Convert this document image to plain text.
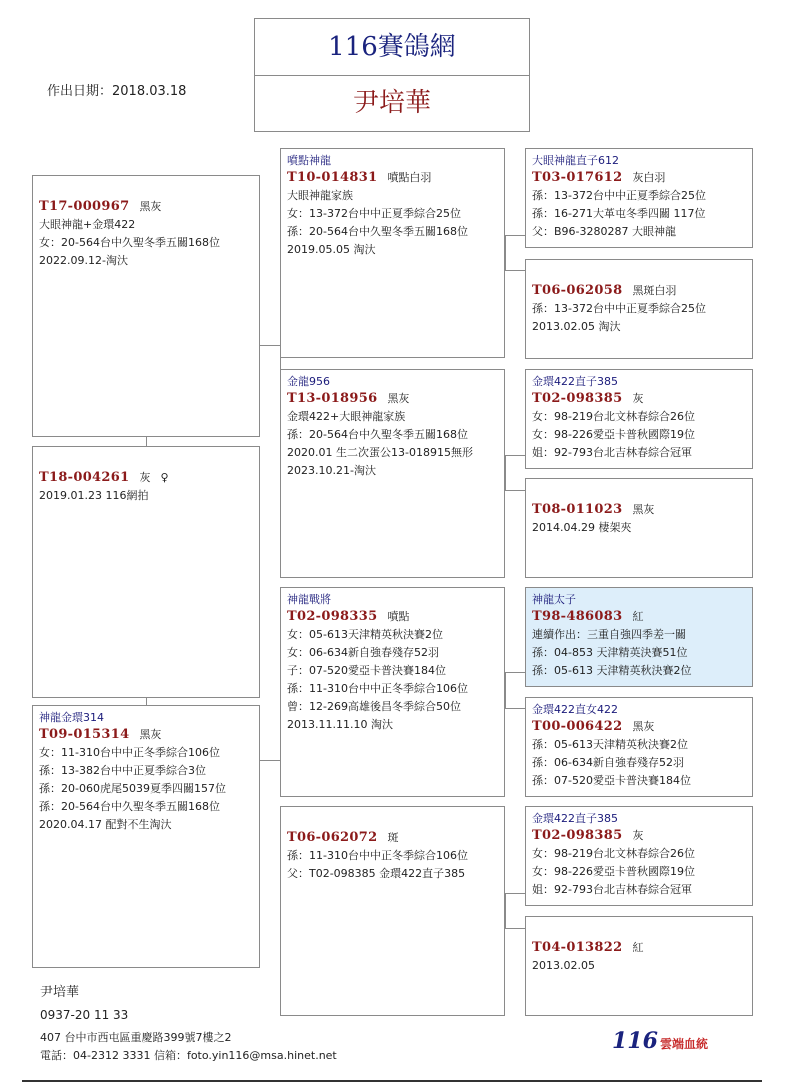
116賽鴿網
尹培華
作出日期：2018.03.18
T17-000967 黑灰
大眼神龍+金環422
女：20-564台中久聖冬季五關168位
2022.09.12-淘汏
T18-004261 灰 ♀
2019.01.23 116網拍
神龍金環314
T09-015314 黑灰
女：11-310台中中正冬季綜合106位
孫：13-382台中中正夏季綜合3位
孫：20-060虎尾5039夏季四關157位
孫：20-564台中久聖冬季五關168位
2020.04.17 配對不生淘汏
噴點神龍
T10-014831 噴點白羽
大眼神龍家族
女：13-372台中中正夏季綜合25位
孫：20-564台中久聖冬季五關168位
2019.05.05 淘汏
金龍956
T13-018956 黑灰
金環422+大眼神龍家族
孫：20-564台中久聖冬季五關168位
2020.01 生二次蛋公13-018915無形
2023.10.21-淘汏
神龍戰將
T02-098335 噴點
女：05-613天津精英秋決賽2位
女：06-634新自強春殘存52羽
子：07-520愛亞卡普決賽184位
孫：11-310台中中正冬季綜合106位
曾：12-269高雄後昌冬季綜合50位
2013.11.11.10 淘汏
T06-062072 斑
孫：11-310台中中正冬季綜合106位
父：T02-098385 金環422直子385
大眼神龍直子612
T03-017612 灰白羽
孫：13-372台中中正夏季綜合25位
孫：16-271大革屯冬季四關 117位
父：B96-3280287 大眼神龍
T06-062058 黑斑白羽
孫：13-372台中中正夏季綜合25位
2013.02.05 淘汏
金環422直子385
T02-098385 灰
女：98-219台北文林春綜合26位
女：98-226愛亞卡普秋國際19位
姐：92-793台北吉林春綜合冠軍
T08-011023 黑灰
2014.04.29 棲架夾
神龍太子
T98-486083 紅
連續作出：三重自強四季差一關
孫：04-853 天津精英決賽51位
孫：05-613 天津精英秋決賽2位
金環422直女422
T00-006422 黑灰
孫：05-613天津精英秋決賽2位
孫：06-634新自強春殘存52羽
孫：07-520愛亞卡普決賽184位
金環422直子385
T02-098385 灰
女：98-219台北文林春綜合26位
女：98-226愛亞卡普秋國際19位
姐：92-793台北吉林春綜合冠軍
T04-013822 紅
2013.02.05
尹培華
0937-20 11 33
407 台中市西屯區重慶路399號7樓之2
電話：04-2312 3331 信箱：foto.yin116@msa.hinet.net
116 雲端血統
